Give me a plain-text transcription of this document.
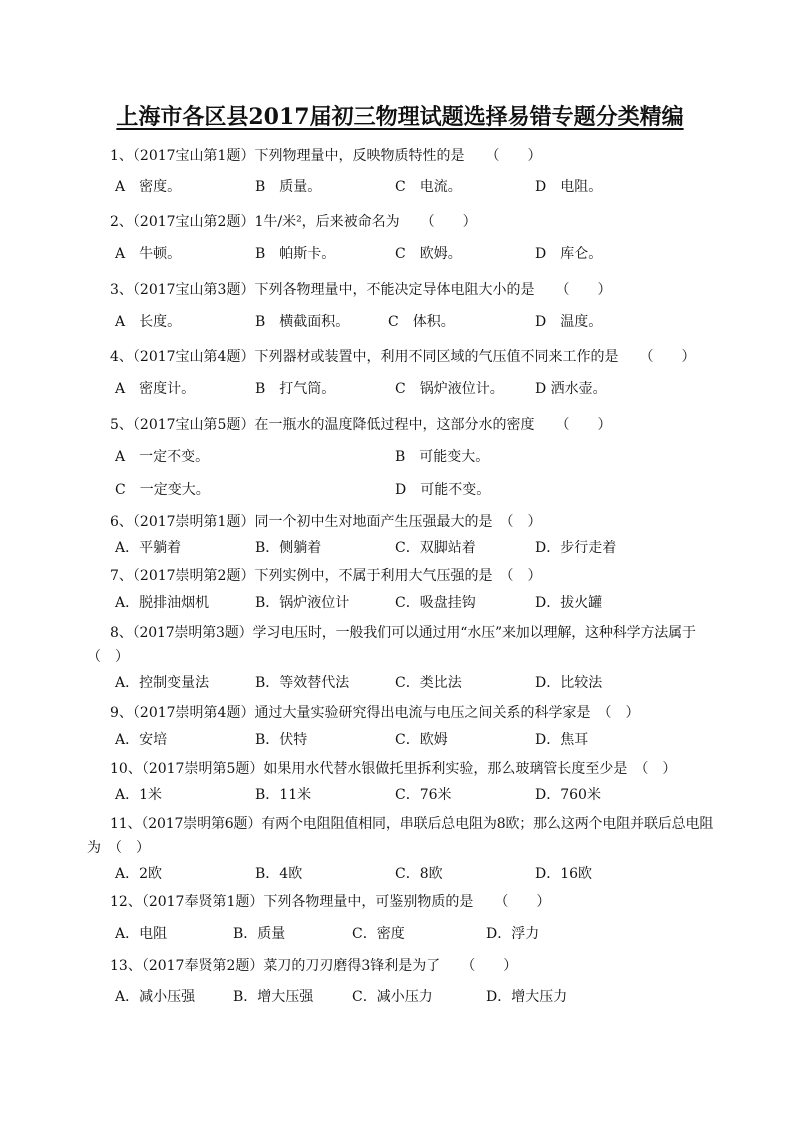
上海市各区县2017届初三物理试题选择易错专题分类精编
1、（2017宝山第1题）下列物理量中，反映物质特性的是　　（　　）
A　密度。	B　质量。	C　电流。	D　电阻。
2、（2017宝山第2题）1牛/米²，后来被命名为　　（　　）
A　牛顿。	B　帕斯卡。	C　欧姆。	D　库仑。
3、（2017宝山第3题）下列各物理量中，不能决定导体电阻大小的是　　（　　）
A　长度。	B　横截面积。	C　体积。	D　温度。
4、（2017宝山第4题）下列器材或装置中，利用不同区域的气压值不同来工作的是　　（　　）
A　密度计。	B　打气筒。	C　锅炉液位计。 D 洒水壶。
5、（2017宝山第5题）在一瓶水的温度降低过程中，这部分水的密度　　（　　）
A　一定不变。	B　可能变大。
C　一定变大。	D　可能不变。
6、（2017崇明第1题）同一个初中生对地面产生压强最大的是　（　）
A．平躺着	B．侧躺着	C．双脚站着	D．步行走着
7、（2017崇明第2题）下列实例中，不属于利用大气压强的是　（　）
A．脱排油烟机	B．锅炉液位计	C．吸盘挂钩	D．拔火罐
8、（2017崇明第3题）学习电压时，一般我们可以通过用“水压”来加以理解，这种科学方法属于
（　）
A．控制变量法	B．等效替代法	C．类比法	D．比较法
9、（2017崇明第4题）通过大量实验研究得出电流与电压之间关系的科学家是　（　）
A．安培	B．伏特	C．欧姆	D．焦耳
10、（2017崇明第5题）如果用水代替水银做托里拆利实验，那么玻璃管长度至少是　（　）
A．1米	B．11米	C．76米	D．760米
11、（2017崇明第6题）有两个电阻阻值相同，串联后总电阻为8欧；那么这两个电阻并联后总电阻
为　（　）
A．2欧	B．4欧	C．8欧	D．16欧
12、（2017奉贤第1题）下列各物理量中，可鉴别物质的是　　（　　）
A．电阻	B．质量	C．密度	D．浮力
13、（2017奉贤第2题）菜刀的刀刃磨得3锋利是为了　　（　　）
A．减小压强	B．增大压强	C．减小压力	D．增大压力
